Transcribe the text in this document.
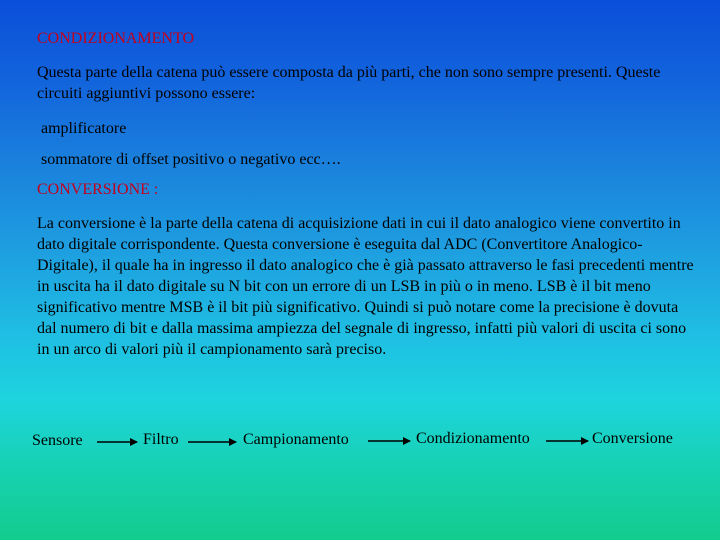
CONDIZIONAMENTO

Questa parte della catena può essere composta da più parti, che non sono sempre presenti. Queste circuiti aggiuntivi possono essere:

amplificatore
sommatore di offset positivo o negativo ecc….
CONVERSIONE :

La conversione è la parte della catena di acquisizione dati in cui il dato analogico viene convertito in dato digitale corrispondente. Questa conversione è eseguita dal ADC (Convertitore Analogico-Digitale), il quale ha in ingresso il dato analogico che è già passato attraverso le fasi precedenti mentre in uscita ha il dato digitale su N bit con un errore di un LSB in più o in meno. LSB è il bit meno significativo mentre MSB è il bit più significativo. Quindi si può notare come la precisione è dovuta dal numero di bit e dalla massima ampiezza del segnale di ingresso, infatti più valori di uscita ci sono in un arco di valori più il campionamento sarà preciso.

Sensore	Filtro	Campionamento	Condizionamento	Conversione
